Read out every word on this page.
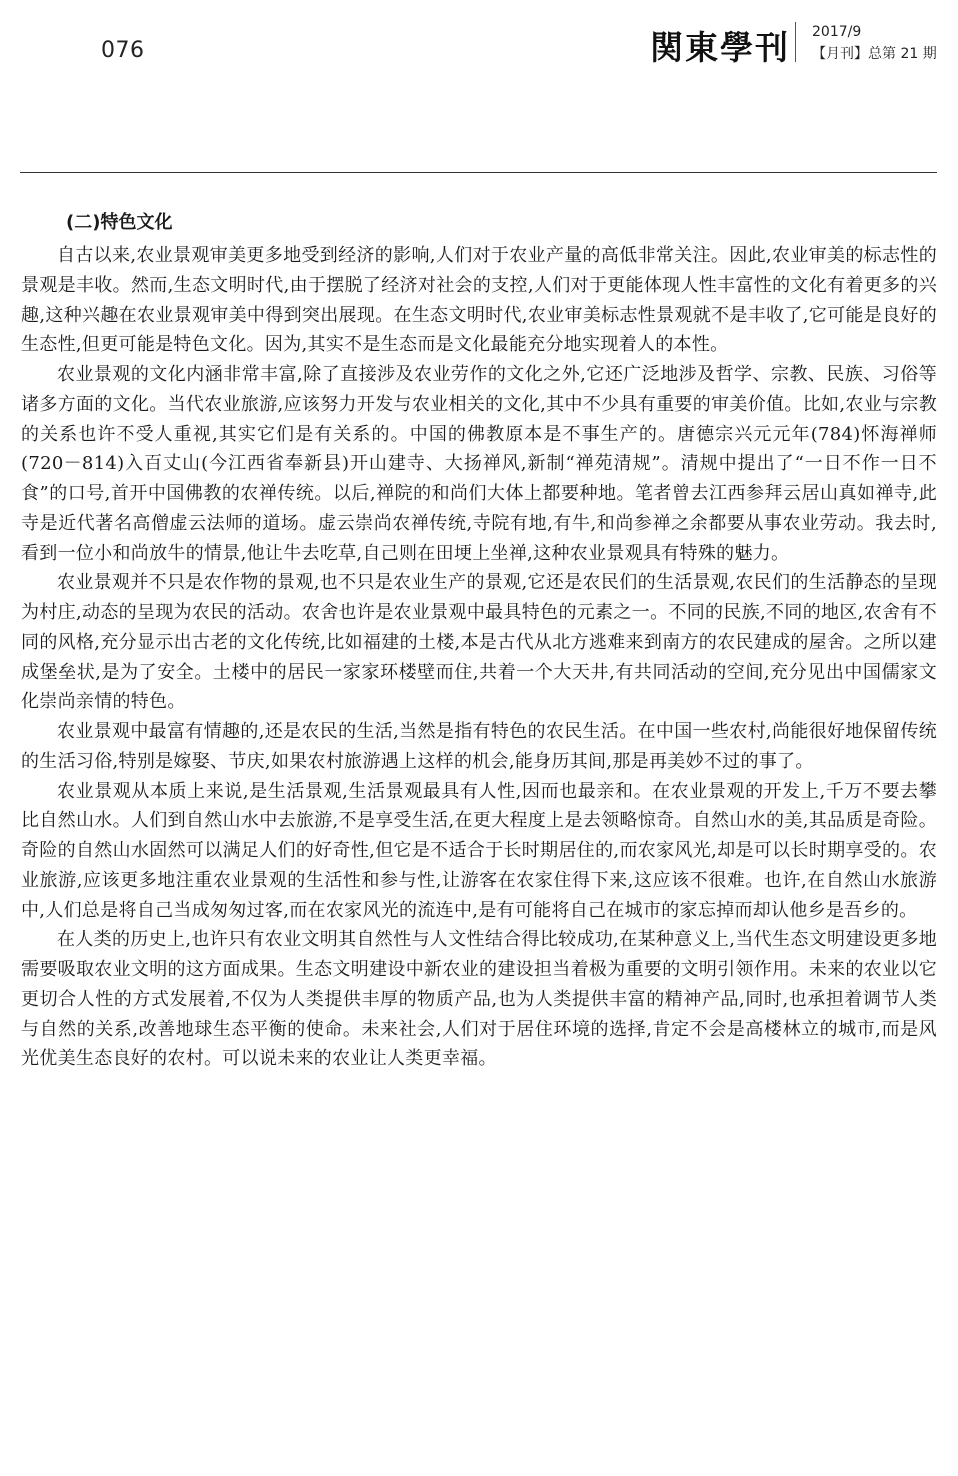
076	関東學刊 2017/9
【月刊】总第 21 期
(二)特色文化

自古以来,农业景观审美更多地受到经济的影响,人们对于农业产量的高低非常关注。因此,农业审美的标志性的景观是丰收。然而,生态文明时代,由于摆脱了经济对社会的支控,人们对于更能体现人性丰富性的文化有着更多的兴趣,这种兴趣在农业景观审美中得到突出展现。在生态文明时代,农业审美标志性景观就不是丰收了,它可能是良好的生态性,但更可能是特色文化。因为,其实不是生态而是文化最能充分地实现着人的本性。

农业景观的文化内涵非常丰富,除了直接涉及农业劳作的文化之外,它还广泛地涉及哲学、宗教、民族、习俗等诸多方面的文化。当代农业旅游,应该努力开发与农业相关的文化,其中不少具有重要的审美价值。比如,农业与宗教的关系也许不受人重视,其实它们是有关系的。中国的佛教原本是不事生产的。唐德宗兴元元年(784)怀海禅师(720－814)入百丈山(今江西省奉新县)开山建寺、大扬禅风,新制“禅苑清规”。清规中提出了“一日不作一日不食”的口号,首开中国佛教的农禅传统。以后,禅院的和尚们大体上都要种地。笔者曾去江西参拜云居山真如禅寺,此寺是近代著名高僧虚云法师的道场。虚云崇尚农禅传统,寺院有地,有牛,和尚参禅之余都要从事农业劳动。我去时,看到一位小和尚放牛的情景,他让牛去吃草,自己则在田埂上坐禅,这种农业景观具有特殊的魅力。

农业景观并不只是农作物的景观,也不只是农业生产的景观,它还是农民们的生活景观,农民们的生活静态的呈现为村庄,动态的呈现为农民的活动。农舍也许是农业景观中最具特色的元素之一。不同的民族,不同的地区,农舍有不同的风格,充分显示出古老的文化传统,比如福建的土楼,本是古代从北方逃难来到南方的农民建成的屋舍。之所以建成堡垒状,是为了安全。土楼中的居民一家家环楼壁而住,共着一个大天井,有共同活动的空间,充分见出中国儒家文化崇尚亲情的特色。

农业景观中最富有情趣的,还是农民的生活,当然是指有特色的农民生活。在中国一些农村,尚能很好地保留传统的生活习俗,特别是嫁娶、节庆,如果农村旅游遇上这样的机会,能身历其间,那是再美妙不过的事了。

农业景观从本质上来说,是生活景观,生活景观最具有人性,因而也最亲和。在农业景观的开发上,千万不要去攀比自然山水。人们到自然山水中去旅游,不是享受生活,在更大程度上是去领略惊奇。自然山水的美,其品质是奇险。奇险的自然山水固然可以满足人们的好奇性,但它是不适合于长时期居住的,而农家风光,却是可以长时期享受的。农业旅游,应该更多地注重农业景观的生活性和参与性,让游客在农家住得下来,这应该不很难。也许,在自然山水旅游中,人们总是将自己当成匆匆过客,而在农家风光的流连中,是有可能将自己在城市的家忘掉而却认他乡是吾乡的。

在人类的历史上,也许只有农业文明其自然性与人文性结合得比较成功,在某种意义上,当代生态文明建设更多地需要吸取农业文明的这方面成果。生态文明建设中新农业的建设担当着极为重要的文明引领作用。未来的农业以它更切合人性的方式发展着,不仅为人类提供丰厚的物质产品,也为人类提供丰富的精神产品,同时,也承担着调节人类与自然的关系,改善地球生态平衡的使命。未来社会,人们对于居住环境的选择,肯定不会是高楼林立的城市,而是风光优美生态良好的农村。可以说未来的农业让人类更幸福。
